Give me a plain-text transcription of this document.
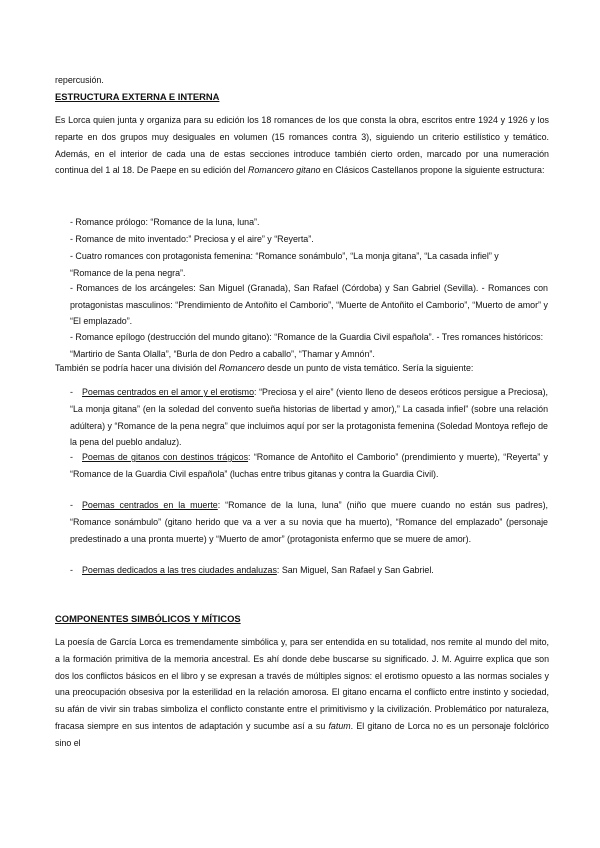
repercusión.

ESTRUCTURA EXTERNA E INTERNA

Es Lorca quien junta y organiza para su edición los 18 romances de los que consta la obra, escritos entre 1924 y 1926 y los reparte en dos grupos muy desiguales en volumen (15 romances contra 3), siguiendo un criterio estilístico y temático. Además, en el interior de cada una de estas secciones introduce también cierto orden, marcado por una numeración continua del 1 al 18. De Paepe en su edición del Romancero gitano en Clásicos Castellanos propone la siguiente estructura:

- Romance prólogo: “Romance de la luna, luna”.

- Romance de mito inventado:” Preciosa y el aire” y “Reyerta”.

- Cuatro romances con protagonista femenina: “Romance sonámbulo”, “La monja gitana”, “La casada infiel” y “Romance de la pena negra”.

- Romances de los arcángeles: San Miguel (Granada), San Rafael (Córdoba) y San Gabriel (Sevilla). - Romances con protagonistas masculinos: “Prendimiento de Antoñito el Camborio”, “Muerte de Antoñito el Camborio”, “Muerto de amor” y “El emplazado”.

- Romance epílogo (destrucción del mundo gitano): “Romance de la Guardia Civil española”. - Tres romances históricos: “Martirio de Santa Olalla”, “Burla de don Pedro a caballo”, “Thamar y Amnón”.

También se podría hacer una división del Romancero desde un punto de vista temático. Sería la siguiente:

- Poemas centrados en el amor y el erotismo: “Preciosa y el aire” (viento lleno de deseos eróticos persigue a Preciosa), “La monja gitana” (en la soledad del convento sueña historias de libertad y amor),” La casada infiel” (sobre una relación adúltera) y “Romance de la pena negra” que incluimos aquí por ser la protagonista femenina (Soledad Montoya reflejo de la pena del pueblo andaluz).
- Poemas de gitanos con destinos trágicos: “Romance de Antoñito el Camborio” (prendimiento y muerte), “Reyerta” y “Romance de la Guardia Civil española” (luchas entre tribus gitanas y contra la Guardia Civil).
- Poemas centrados en la muerte: “Romance de la luna, luna” (niño que muere cuando no están sus padres), “Romance sonámbulo” (gitano herido que va a ver a su novia que ha muerto), “Romance del emplazado” (personaje predestinado a una pronta muerte) y “Muerto de amor” (protagonista enfermo que se muere de amor).
- Poemas dedicados a las tres ciudades andaluzas: San Miguel, San Rafael y San Gabriel.
COMPONENTES SIMBÓLICOS Y MÍTICOS

La poesía de García Lorca es tremendamente simbólica y, para ser entendida en su totalidad, nos remite al mundo del mito, a la formación primitiva de la memoria ancestral. Es ahí donde debe buscarse su significado. J. M. Aguirre explica que son dos los conflictos básicos en el libro y se expresan a través de múltiples signos: el erotismo opuesto a las normas sociales y una preocupación obsesiva por la esterilidad en la relación amorosa. El gitano encarna el conflicto entre instinto y sociedad, su afán de vivir sin trabas simboliza el conflicto constante entre el primitivismo y la civilización. Problemático por naturaleza, fracasa siempre en sus intentos de adaptación y sucumbe así a su fatum. El gitano de Lorca no es un personaje folclórico sino el
